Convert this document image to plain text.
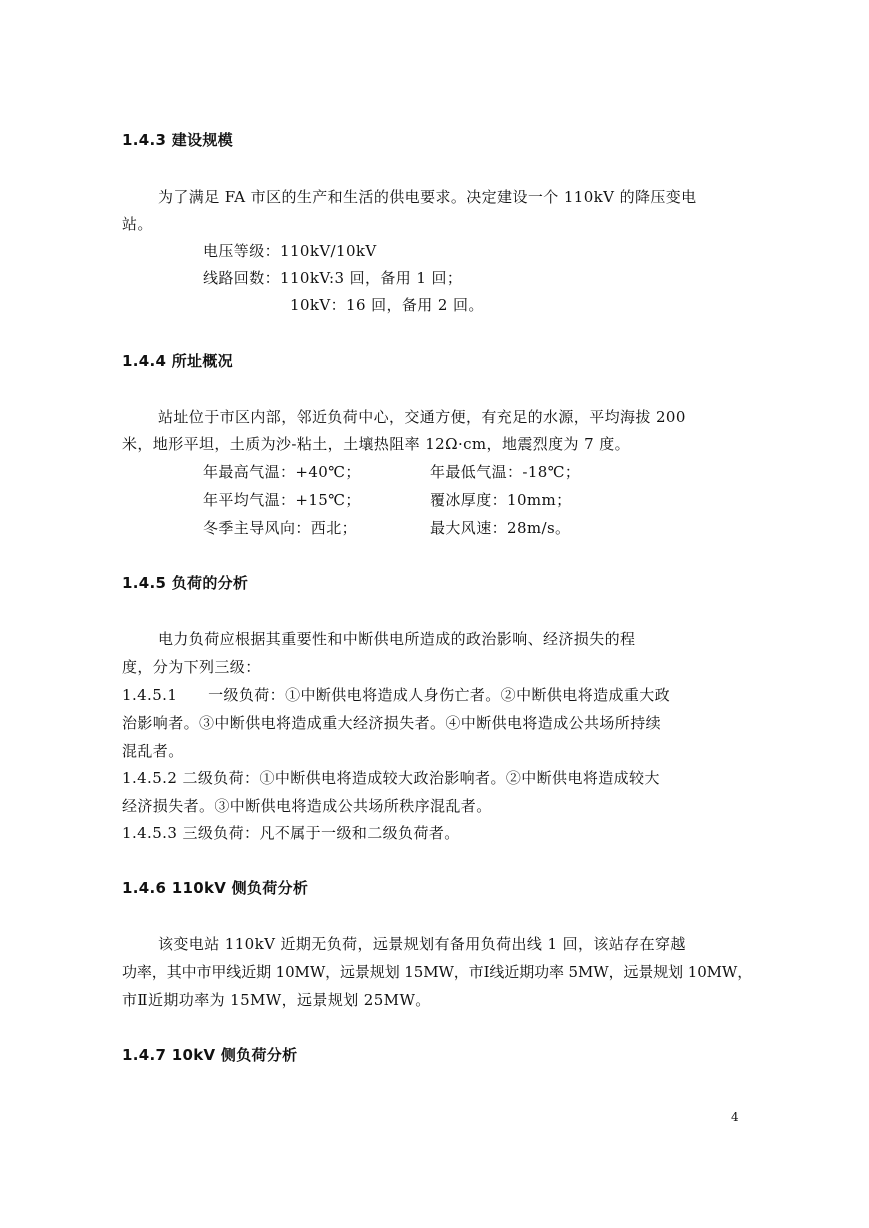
1.4.3 建设规模
为了满足 FA 市区的生产和生活的供电要求。决定建设一个 110kV 的降压变电
站。
电压等级：110kV/10kV
线路回数：110kV:3 回，备用 1 回；
10kV：16 回，备用 2 回。
1.4.4 所址概况
站址位于市区内部，邻近负荷中心，交通方便，有充足的水源，平均海拔 200
米，地形平坦，土质为沙-粘土，土壤热阻率 12Ω·cm，地震烈度为 7 度。
年最高气温：+40℃；	年最低气温：-18℃；
年平均气温：+15℃；	覆冰厚度：10mm；
冬季主导风向：西北；	最大风速：28m/s。
1.4.5 负荷的分析
电力负荷应根据其重要性和中断供电所造成的政治影响、经济损失的程
度，分为下列三级：
1.4.5.1　　一级负荷：①中断供电将造成人身伤亡者。②中断供电将造成重大政
治影响者。③中断供电将造成重大经济损失者。④中断供电将造成公共场所持续
混乱者。
1.4.5.2 二级负荷：①中断供电将造成较大政治影响者。②中断供电将造成较大
经济损失者。③中断供电将造成公共场所秩序混乱者。
1.4.5.3 三级负荷：凡不属于一级和二级负荷者。
1.4.6 110kV 侧负荷分析
该变电站 110kV 近期无负荷，远景规划有备用负荷出线 1 回，该站存在穿越
功率，其中市甲线近期 10MW，远景规划 15MW，市Ⅰ线近期功率 5MW，远景规划 10MW，
市Ⅱ近期功率为 15MW，远景规划 25MW。
1.4.7 10kV 侧负荷分析
4
